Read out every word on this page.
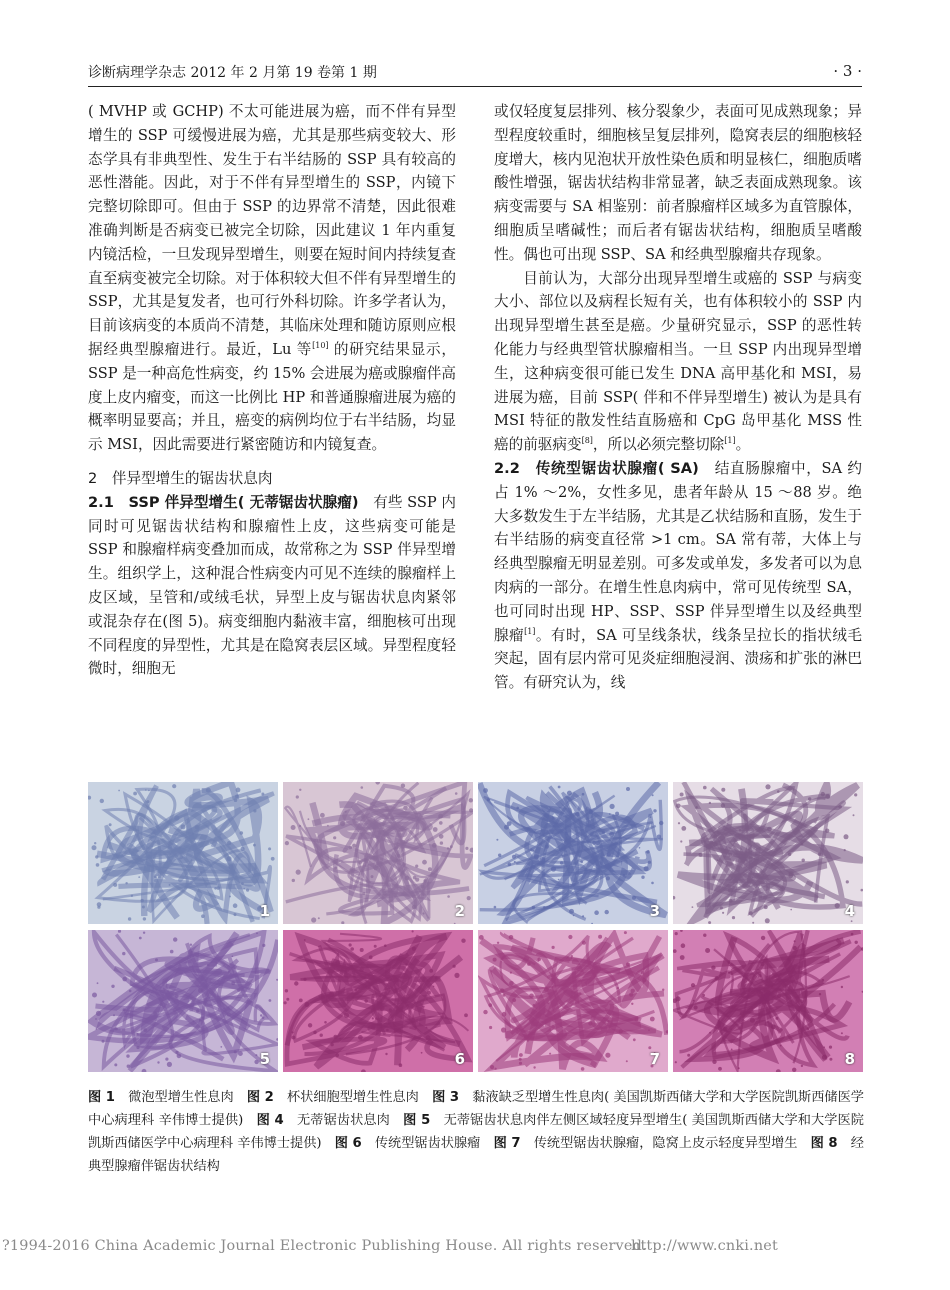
诊断病理学杂志 2012 年 2 月第 19 卷第 1 期	· 3 ·

( MVHP 或 GCHP) 不太可能进展为癌，而不伴有异型增生的 SSP 可缓慢进展为癌，尤其是那些病变较大、形态学具有非典型性、发生于右半结肠的 SSP 具有较高的恶性潜能。因此，对于不伴有异型增生的 SSP，内镜下完整切除即可。但由于 SSP 的边界常不清楚，因此很难准确判断是否病变已被完全切除，因此建议 1 年内重复内镜活检，一旦发现异型增生，则要在短时间内持续复查直至病变被完全切除。对于体积较大但不伴有异型增生的 SSP，尤其是复发者，也可行外科切除。许多学者认为，目前该病变的本质尚不清楚，其临床处理和随访原则应根据经典型腺瘤进行。最近，Lu 等[10] 的研究结果显示，SSP 是一种高危性病变，约 15% 会进展为癌或腺瘤伴高度上皮内瘤变，而这一比例比 HP 和普通腺瘤进展为癌的概率明显要高；并且，癌变的病例均位于右半结肠，均显示 MSI，因此需要进行紧密随访和内镜复查。

2　伴异型增生的锯齿状息肉

2.1　SSP 伴异型增生( 无蒂锯齿状腺瘤)　有些 SSP 内同时可见锯齿状结构和腺瘤性上皮，这些病变可能是 SSP 和腺瘤样病变叠加而成，故常称之为 SSP 伴异型增生。组织学上，这种混合性病变内可见不连续的腺瘤样上皮区域，呈管和/或绒毛状，异型上皮与锯齿状息肉紧邻或混杂存在(图 5)。病变细胞内黏液丰富，细胞核可出现不同程度的异型性，尤其是在隐窝表层区域。异型程度轻微时，细胞无

或仅轻度复层排列、核分裂象少，表面可见成熟现象；异型程度较重时，细胞核呈复层排列，隐窝表层的细胞核轻度增大，核内见泡状开放性染色质和明显核仁，细胞质嗜酸性增强，锯齿状结构非常显著，缺乏表面成熟现象。该病变需要与 SA 相鉴别：前者腺瘤样区域多为直管腺体，细胞质呈嗜碱性；而后者有锯齿状结构，细胞质呈嗜酸性。偶也可出现 SSP、SA 和经典型腺瘤共存现象。

目前认为，大部分出现异型增生或癌的 SSP 与病变大小、部位以及病程长短有关，也有体积较小的 SSP 内出现异型增生甚至是癌。少量研究显示，SSP 的恶性转化能力与经典型管状腺瘤相当。一旦 SSP 内出现异型增生，这种病变很可能已发生 DNA 高甲基化和 MSI，易进展为癌，目前 SSP( 伴和不伴异型增生) 被认为是具有 MSI 特征的散发性结直肠癌和 CpG 岛甲基化 MSS 性癌的前驱病变[8]，所以必须完整切除[1]。

2.2　传统型锯齿状腺瘤( SA)　结直肠腺瘤中，SA 约占 1% ～2%，女性多见，患者年龄从 15 ～88 岁。绝大多数发生于左半结肠，尤其是乙状结肠和直肠，发生于右半结肠的病变直径常 >1 cm。SA 常有蒂，大体上与经典型腺瘤无明显差别。可多发或单发，多发者可以为息肉病的一部分。在增生性息肉病中，常可见传统型 SA，也可同时出现 HP、SSP、SSP 伴异型增生以及经典型腺瘤[1]。有时，SA 可呈线条状，线条呈拉长的指状绒毛突起，固有层内常可见炎症细胞浸润、溃疡和扩张的淋巴管。有研究认为，线

1	2	3	4
5	6	7	8
图 1　微泡型增生性息肉　图 2　杯状细胞型增生性息肉　图 3　黏液缺乏型增生性息肉( 美国凯斯西储大学和大学医院凯斯西储医学中心病理科 辛伟博士提供)　图 4　无蒂锯齿状息肉　图 5　无蒂锯齿状息肉伴左侧区域轻度异型增生( 美国凯斯西储大学和大学医院凯斯西储医学中心病理科 辛伟博士提供)　图 6　传统型锯齿状腺瘤　图 7　传统型锯齿状腺瘤，隐窝上皮示轻度异型增生　图 8　经典型腺瘤伴锯齿状结构
?1994-2016 China Academic Journal Electronic Publishing House. All rights reserved.
http://www.cnki.net
